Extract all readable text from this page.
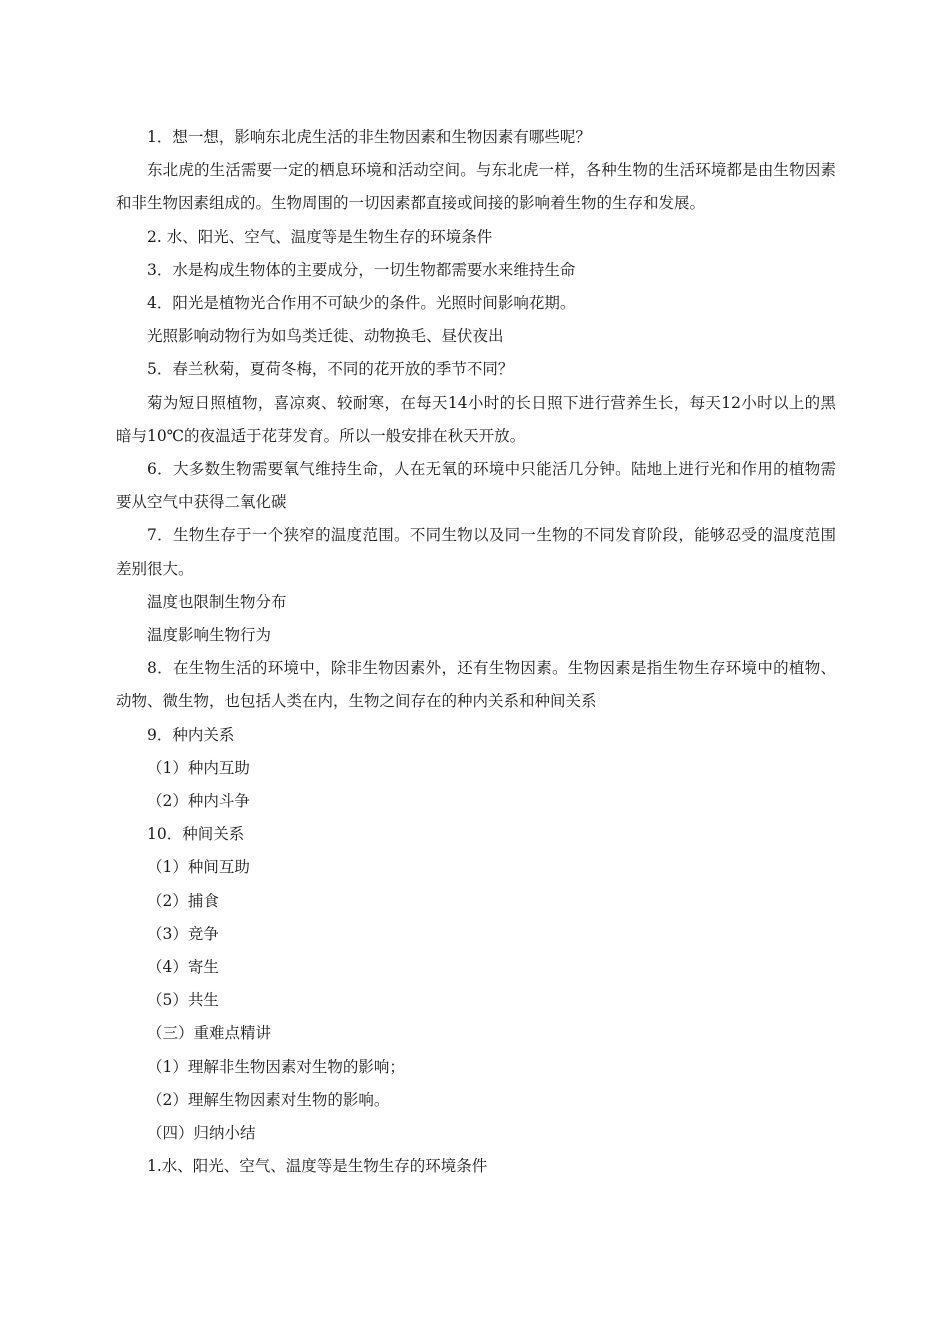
1．想一想，影响东北虎生活的非生物因素和生物因素有哪些呢？

东北虎的生活需要一定的栖息环境和活动空间。与东北虎一样，各种生物的生活环境都是由生物因素和非生物因素组成的。生物周围的一切因素都直接或间接的影响着生物的生存和发展。

2. 水、阳光、空气、温度等是生物生存的环境条件

3．水是构成生物体的主要成分，一切生物都需要水来维持生命

4．阳光是植物光合作用不可缺少的条件。光照时间影响花期。

光照影响动物行为如鸟类迁徙、动物换毛、昼伏夜出

5．春兰秋菊，夏荷冬梅，不同的花开放的季节不同？

菊为短日照植物，喜凉爽、较耐寒，在每天14小时的长日照下进行营养生长，每天12小时以上的黑暗与10℃的夜温适于花芽发育。所以一般安排在秋天开放。

6．大多数生物需要氧气维持生命，人在无氧的环境中只能活几分钟。陆地上进行光和作用的植物需要从空气中获得二氧化碳

7．生物生存于一个狭窄的温度范围。不同生物以及同一生物的不同发育阶段，能够忍受的温度范围差别很大。

温度也限制生物分布

温度影响生物行为

8．在生物生活的环境中，除非生物因素外，还有生物因素。生物因素是指生物生存环境中的植物、动物、微生物，也包括人类在内，生物之间存在的种内关系和种间关系

9．种内关系

（1）种内互助

（2）种内斗争

10．种间关系

（1）种间互助

（2）捕食

（3）竞争

（4）寄生

（5）共生

（三）重难点精讲

（1）理解非生物因素对生物的影响；

（2）理解生物因素对生物的影响。

（四）归纳小结

1.水、阳光、空气、温度等是生物生存的环境条件
